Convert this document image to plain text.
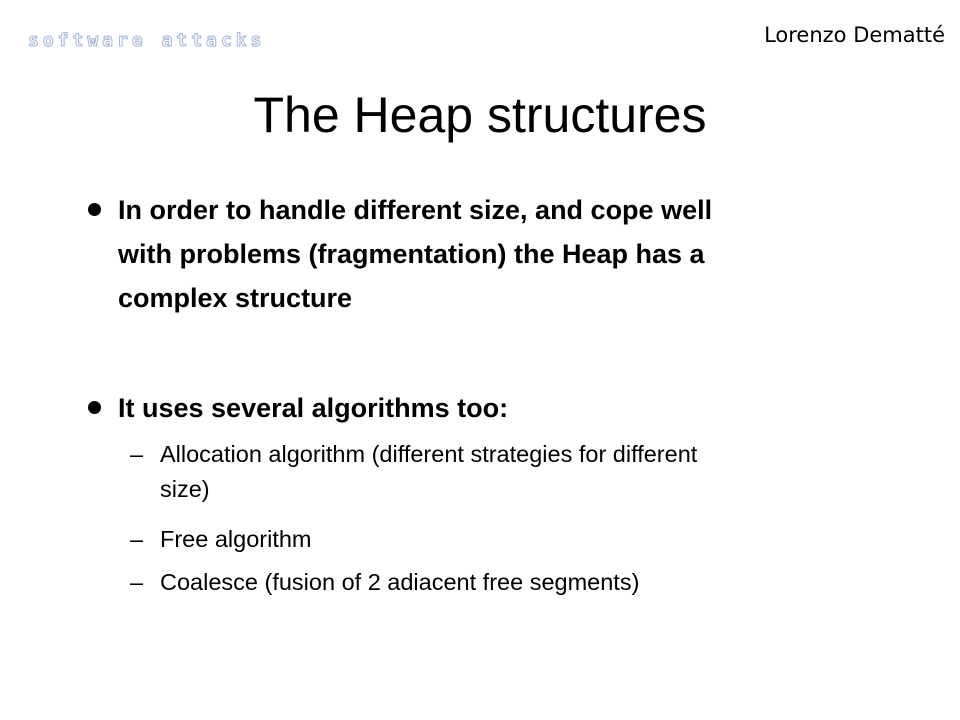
software attacks	Lorenzo Dematté
The Heap structures
In order to handle different size, and cope well
with problems (fragmentation) the Heap has a
complex structure
It uses several algorithms too:
– Allocation algorithm (different strategies for different
size)
– Free algorithm
– Coalesce (fusion of 2 adiacent free segments)
